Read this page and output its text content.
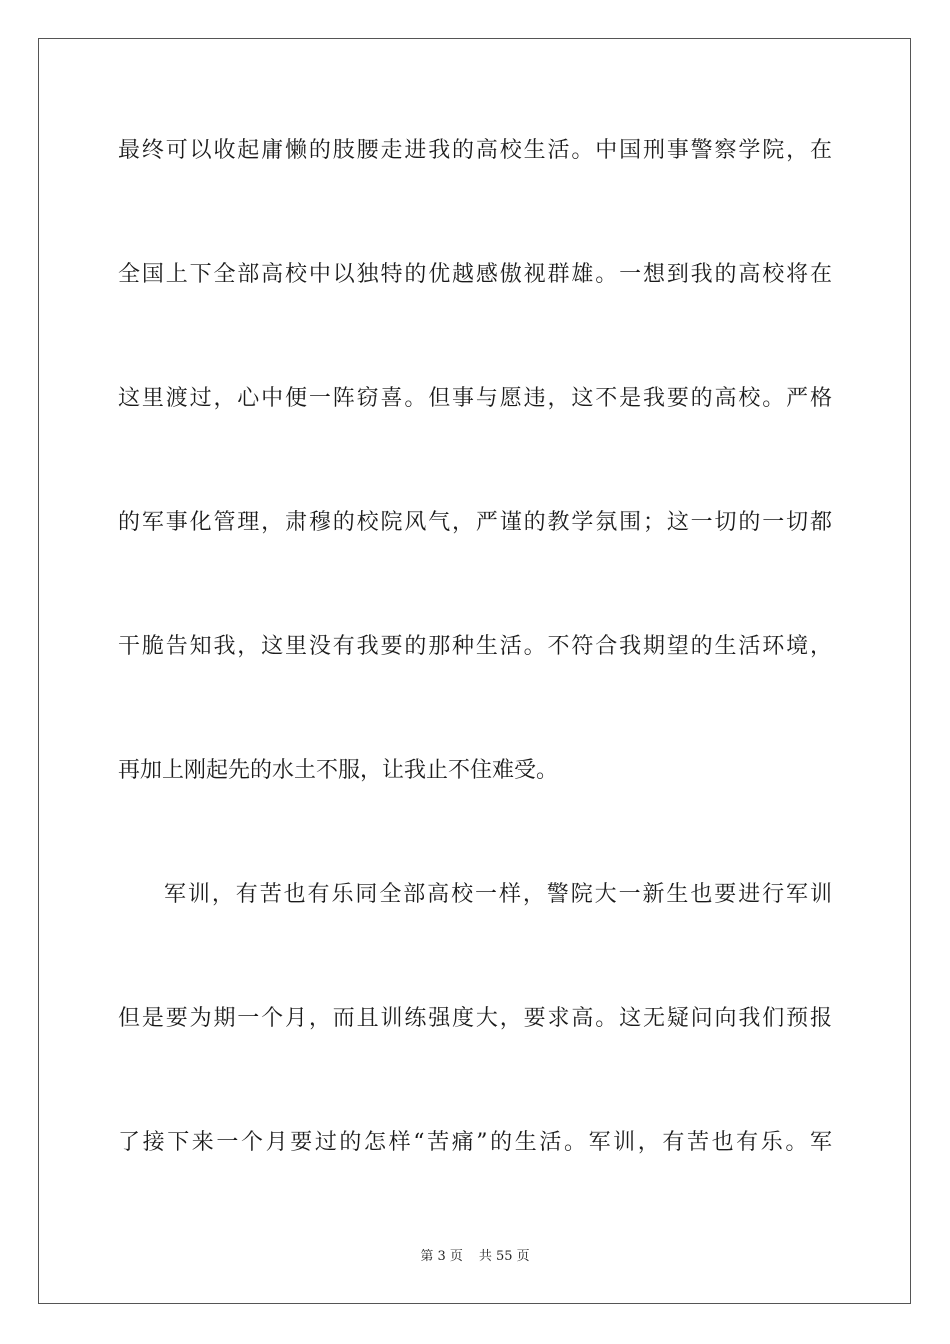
最终可以收起庸懒的肢腰走进我的高校生活。中国刑事警察学院，在
全国上下全部高校中以独特的优越感傲视群雄。一想到我的高校将在
这里渡过，心中便一阵窃喜。但事与愿违，这不是我要的高校。严格
的军事化管理，肃穆的校院风气，严谨的教学氛围；这一切的一切都
干脆告知我，这里没有我要的那种生活。不符合我期望的生活环境，
再加上刚起先的水土不服，让我止不住难受。
军训，有苦也有乐同全部高校一样，警院大一新生也要进行军训
但是要为期一个月，而且训练强度大，要求高。这无疑问向我们预报
了接下来一个月要过的怎样“苦痛”的生活。军训，有苦也有乐。军
第 3 页 共 55 页
